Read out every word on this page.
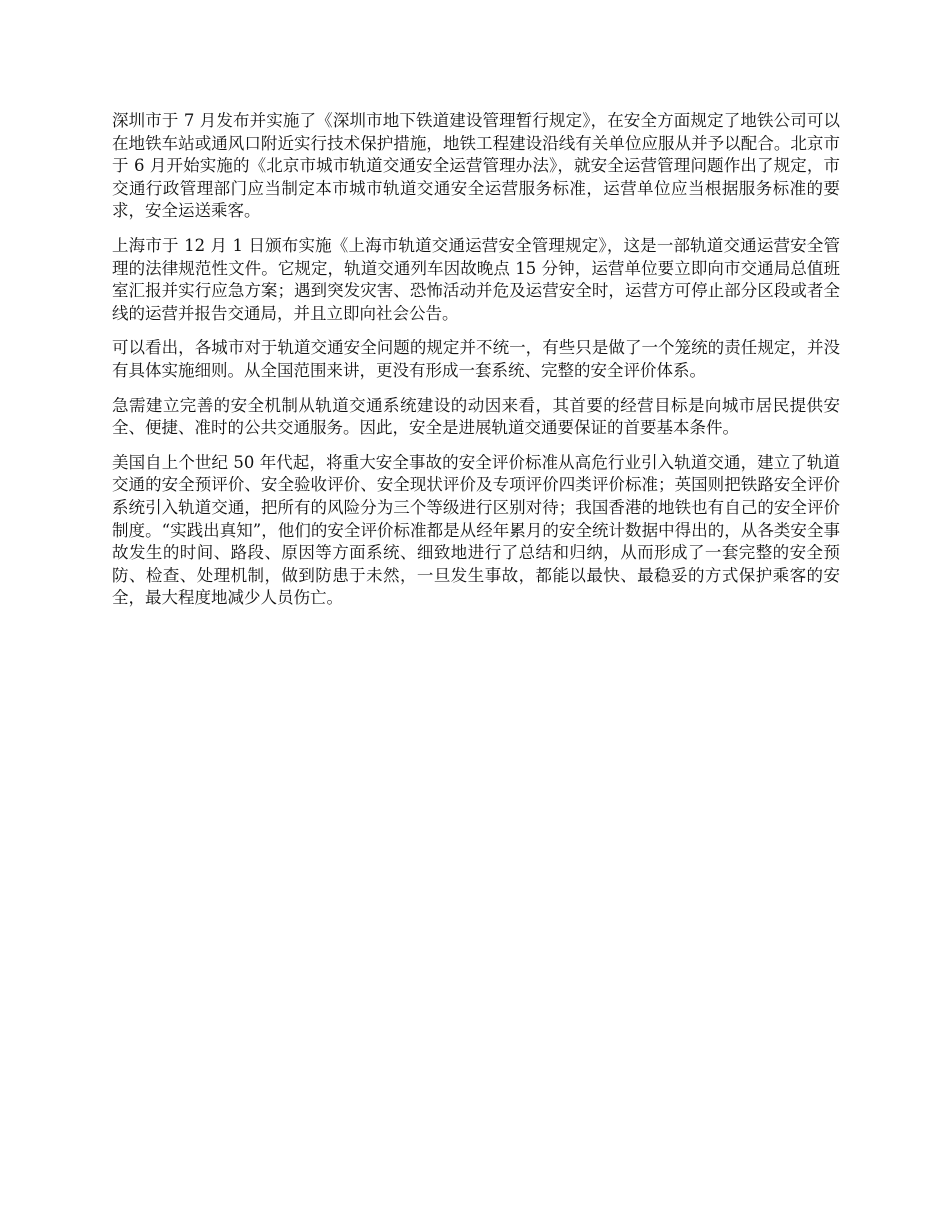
深圳市于 7 月发布并实施了《深圳市地下铁道建设管理暂行规定》，在安全方面规定了地铁公司可以在地铁车站或通风口附近实行技术保护措施，地铁工程建设沿线有关单位应服从并予以配合。北京市于 6 月开始实施的《北京市城市轨道交通安全运营管理办法》，就安全运营管理问题作出了规定，市交通行政管理部门应当制定本市城市轨道交通安全运营服务标准，运营单位应当根据服务标准的要求，安全运送乘客。

上海市于 12 月 1 日颁布实施《上海市轨道交通运营安全管理规定》，这是一部轨道交通运营安全管理的法律规范性文件。它规定，轨道交通列车因故晚点 15 分钟，运营单位要立即向市交通局总值班室汇报并实行应急方案；遇到突发灾害、恐怖活动并危及运营安全时，运营方可停止部分区段或者全线的运营并报告交通局，并且立即向社会公告。

可以看出，各城市对于轨道交通安全问题的规定并不统一，有些只是做了一个笼统的责任规定，并没有具体实施细则。从全国范围来讲，更没有形成一套系统、完整的安全评价体系。

急需建立完善的安全机制从轨道交通系统建设的动因来看，其首要的经营目标是向城市居民提供安全、便捷、准时的公共交通服务。因此，安全是进展轨道交通要保证的首要基本条件。

美国自上个世纪 50 年代起，将重大安全事故的安全评价标准从高危行业引入轨道交通，建立了轨道交通的安全预评价、安全验收评价、安全现状评价及专项评价四类评价标准；英国则把铁路安全评价系统引入轨道交通，把所有的风险分为三个等级进行区别对待；我国香港的地铁也有自己的安全评价制度。“实践出真知”，他们的安全评价标准都是从经年累月的安全统计数据中得出的，从各类安全事故发生的时间、路段、原因等方面系统、细致地进行了总结和归纳，从而形成了一套完整的安全预防、检查、处理机制，做到防患于未然，一旦发生事故，都能以最快、最稳妥的方式保护乘客的安全，最大程度地减少人员伤亡。
